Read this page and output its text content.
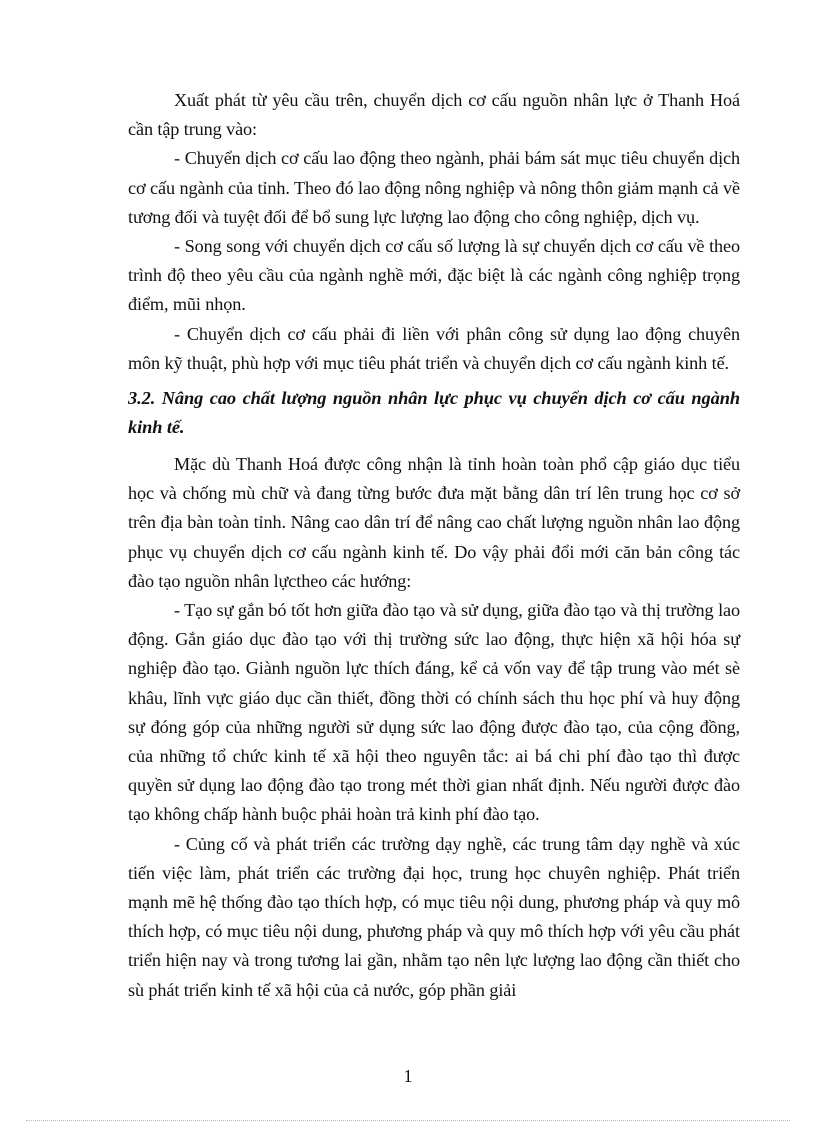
Xuất phát từ yêu cầu trên, chuyển dịch cơ cấu nguồn nhân lực ở Thanh Hoá cần tập trung vào:

- Chuyển dịch cơ cấu lao động theo ngành, phải bám sát mục tiêu chuyển dịch cơ cấu ngành của tỉnh. Theo đó lao động nông nghiệp và nông thôn giảm mạnh cả về tương đối và tuyệt đối để bổ sung lực lượng lao động cho công nghiệp, dịch vụ.

- Song song với chuyển dịch cơ cấu số lượng là sự chuyển dịch cơ cấu về theo trình độ theo yêu cầu của ngành nghề mới, đặc biệt là các ngành công nghiệp trọng điểm, mũi nhọn.

- Chuyển dịch cơ cấu phải đi liền với phân công sử dụng lao động chuyên môn kỹ thuật, phù hợp với mục tiêu phát triển và chuyển dịch cơ cấu ngành kinh tế.

3.2. Nâng cao chất lượng nguồn nhân lực phục vụ chuyển dịch cơ cấu ngành kinh tế.

Mặc dù Thanh Hoá được công nhận là tỉnh hoàn toàn phổ cập giáo dục tiểu học và chống mù chữ và đang từng bước đưa mặt bằng dân trí lên trung học cơ sở trên địa bàn toàn tỉnh. Nâng cao dân trí để nâng cao chất lượng nguồn nhân lao động phục vụ chuyển dịch cơ cấu ngành kinh tế. Do vậy phải đổi mới căn bản công tác đào tạo nguồn nhân lựctheo các hướng:

- Tạo sự gắn bó tốt hơn giữa đào tạo và sử dụng, giữa đào tạo và thị trường lao động. Gắn giáo dục đào tạo với thị trường sức lao động, thực hiện xã hội hóa sự nghiệp đào tạo. Giành nguồn lực thích đáng, kể cả vốn vay để tập trung vào mét sè khâu, lĩnh vực giáo dục cần thiết, đồng thời có chính sách thu học phí và huy động sự đóng góp của những người sử dụng sức lao động được đào tạo, của cộng đồng, của những tổ chức kinh tế xã hội theo nguyên tắc: ai bá chi phí đào tạo thì được quyền sử dụng lao động đào tạo trong mét thời gian nhất định. Nếu người được đào tạo không chấp hành buộc phải hoàn trả kinh phí đào tạo.

- Củng cố và phát triển các trường dạy nghề, các trung tâm dạy nghề và xúc tiến việc làm, phát triển các trường đại học, trung học chuyên nghiệp. Phát triển mạnh mẽ hệ thống đào tạo thích hợp, có mục tiêu nội dung, phương pháp và quy mô thích hợp, có mục tiêu nội dung, phương pháp và quy mô thích hợp với yêu cầu phát triển hiện nay và trong tương lai gần, nhằm tạo nên lực lượng lao động cần thiết cho sù phát triển kinh tế xã hội của cả nước, góp phần giải

1
